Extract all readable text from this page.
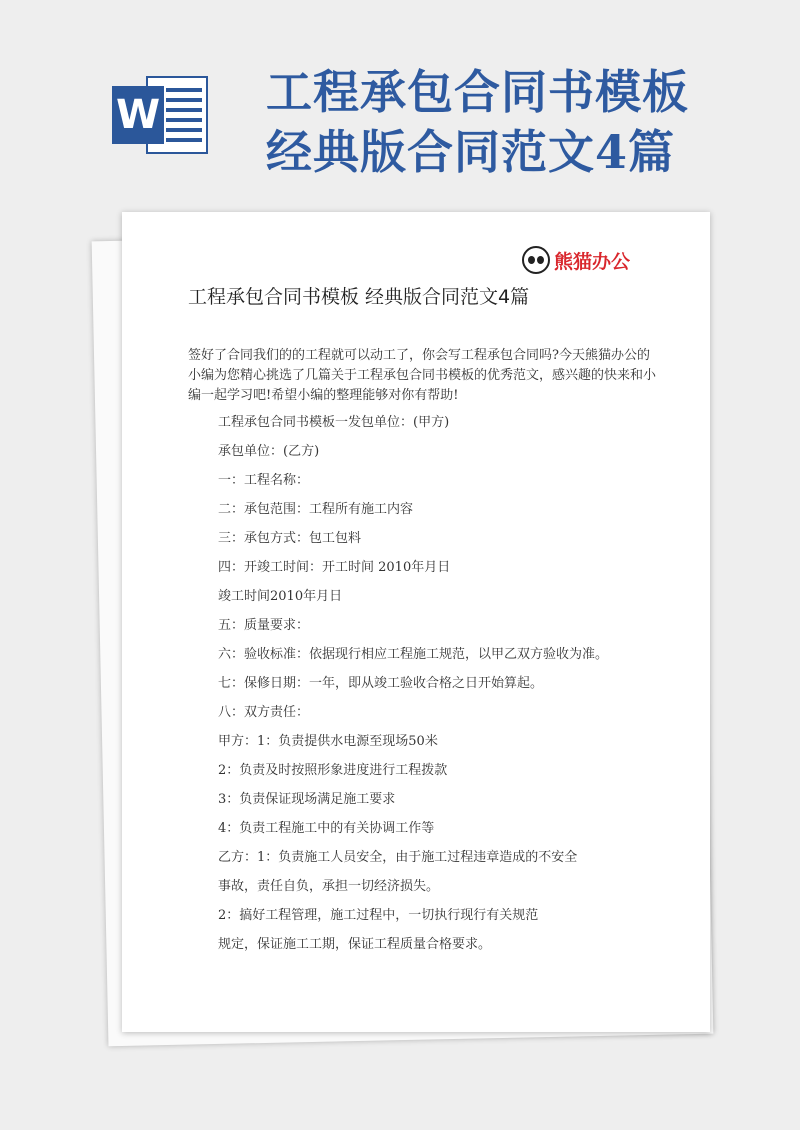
W 工程承包合同书模板经典版合同范文4篇
熊猫办公
工程承包合同书模板 经典版合同范文4篇

签好了合同我们的的工程就可以动工了，你会写工程承包合同吗?今天熊猫办公的小编为您精心挑选了几篇关于工程承包合同书模板的优秀范文，感兴趣的快来和小编一起学习吧!希望小编的整理能够对你有帮助!

工程承包合同书模板一发包单位：(甲方)
承包单位：(乙方)
一：工程名称：
二：承包范围：工程所有施工内容
三：承包方式：包工包料
四：开竣工时间：开工时间 2010年月日
竣工时间2010年月日
五：质量要求：
六：验收标准：依据现行相应工程施工规范，以甲乙双方验收为准。
七：保修日期：一年，即从竣工验收合格之日开始算起。
八：双方责任：
甲方：1：负责提供水电源至现场50米
2：负责及时按照形象进度进行工程拨款
3：负责保证现场满足施工要求
4：负责工程施工中的有关协调工作等
乙方：1：负责施工人员安全，由于施工过程违章造成的不安全
事故，责任自负，承担一切经济损失。
2：搞好工程管理，施工过程中，一切执行现行有关规范
规定，保证施工工期，保证工程质量合格要求。
